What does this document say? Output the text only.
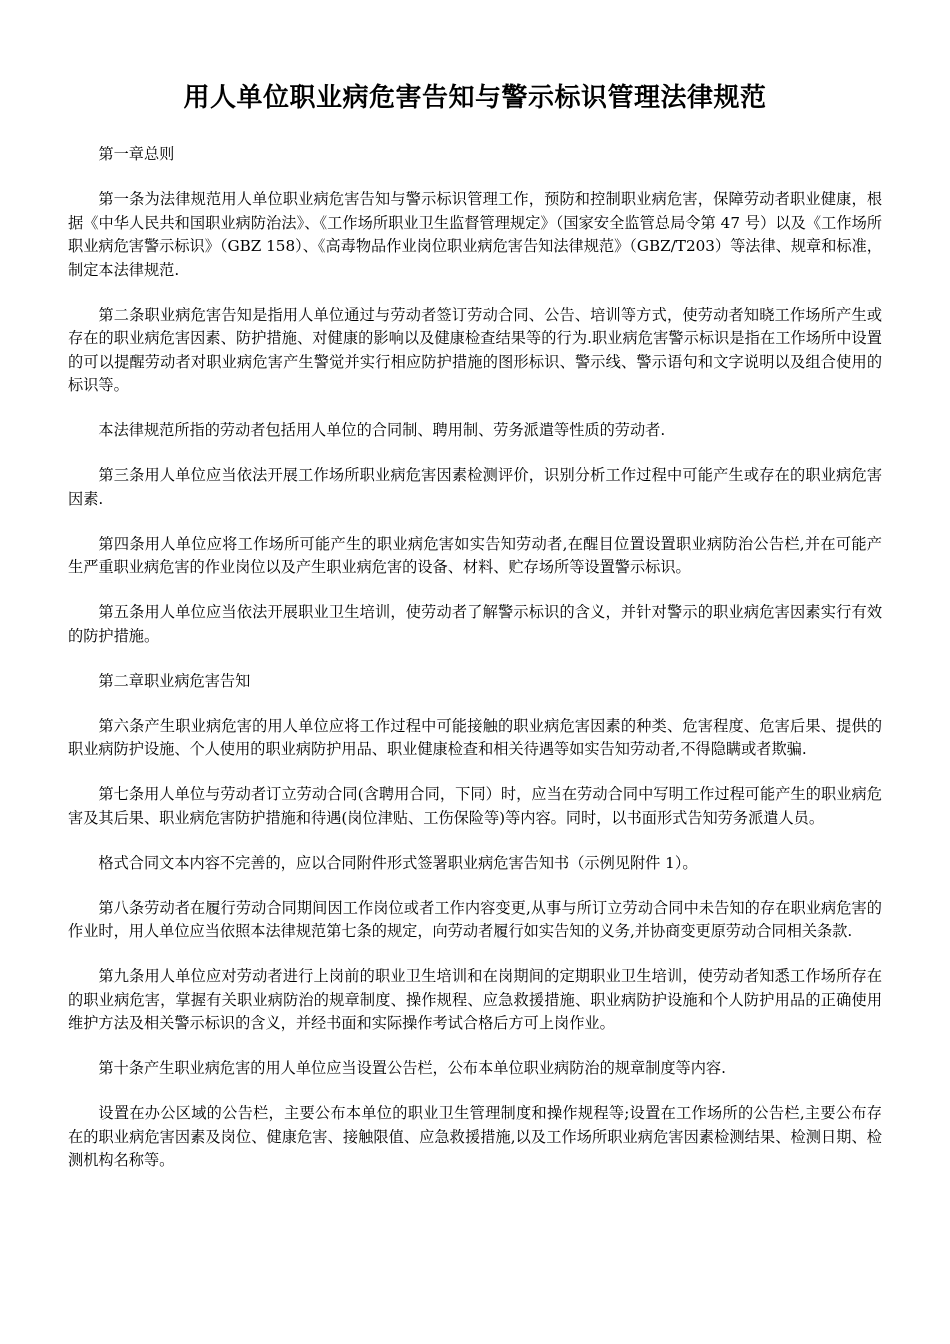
用人单位职业病危害告知与警示标识管理法律规范

第一章总则

第一条为法律规范用人单位职业病危害告知与警示标识管理工作，预防和控制职业病危害，保障劳动者职业健康，根据《中华人民共和国职业病防治法》、《工作场所职业卫生监督管理规定》（国家安全监管总局令第 47 号）以及《工作场所职业病危害警示标识》（GBZ 158）、《高毒物品作业岗位职业病危害告知法律规范》（GBZ/T203）等法律、规章和标准，制定本法律规范.

第二条职业病危害告知是指用人单位通过与劳动者签订劳动合同、公告、培训等方式，使劳动者知晓工作场所产生或存在的职业病危害因素、防护措施、对健康的影响以及健康检查结果等的行为.职业病危害警示标识是指在工作场所中设置的可以提醒劳动者对职业病危害产生警觉并实行相应防护措施的图形标识、警示线、警示语句和文字说明以及组合使用的标识等。

本法律规范所指的劳动者包括用人单位的合同制、聘用制、劳务派遣等性质的劳动者.

第三条用人单位应当依法开展工作场所职业病危害因素检测评价，识别分析工作过程中可能产生或存在的职业病危害因素.

第四条用人单位应将工作场所可能产生的职业病危害如实告知劳动者,在醒目位置设置职业病防治公告栏,并在可能产生严重职业病危害的作业岗位以及产生职业病危害的设备、材料、贮存场所等设置警示标识。

第五条用人单位应当依法开展职业卫生培训，使劳动者了解警示标识的含义，并针对警示的职业病危害因素实行有效的防护措施。

第二章职业病危害告知

第六条产生职业病危害的用人单位应将工作过程中可能接触的职业病危害因素的种类、危害程度、危害后果、提供的职业病防护设施、个人使用的职业病防护用品、职业健康检查和相关待遇等如实告知劳动者,不得隐瞒或者欺骗.

第七条用人单位与劳动者订立劳动合同(含聘用合同，下同）时，应当在劳动合同中写明工作过程可能产生的职业病危害及其后果、职业病危害防护措施和待遇(岗位津贴、工伤保险等)等内容。同时，以书面形式告知劳务派遣人员。

格式合同文本内容不完善的，应以合同附件形式签署职业病危害告知书（示例见附件 1）。

第八条劳动者在履行劳动合同期间因工作岗位或者工作内容变更,从事与所订立劳动合同中未告知的存在职业病危害的作业时，用人单位应当依照本法律规范第七条的规定，向劳动者履行如实告知的义务,并协商变更原劳动合同相关条款.

第九条用人单位应对劳动者进行上岗前的职业卫生培训和在岗期间的定期职业卫生培训，使劳动者知悉工作场所存在的职业病危害，掌握有关职业病防治的规章制度、操作规程、应急救援措施、职业病防护设施和个人防护用品的正确使用维护方法及相关警示标识的含义，并经书面和实际操作考试合格后方可上岗作业。

第十条产生职业病危害的用人单位应当设置公告栏，公布本单位职业病防治的规章制度等内容.

设置在办公区域的公告栏，主要公布本单位的职业卫生管理制度和操作规程等;设置在工作场所的公告栏,主要公布存在的职业病危害因素及岗位、健康危害、接触限值、应急救援措施,以及工作场所职业病危害因素检测结果、检测日期、检测机构名称等。
